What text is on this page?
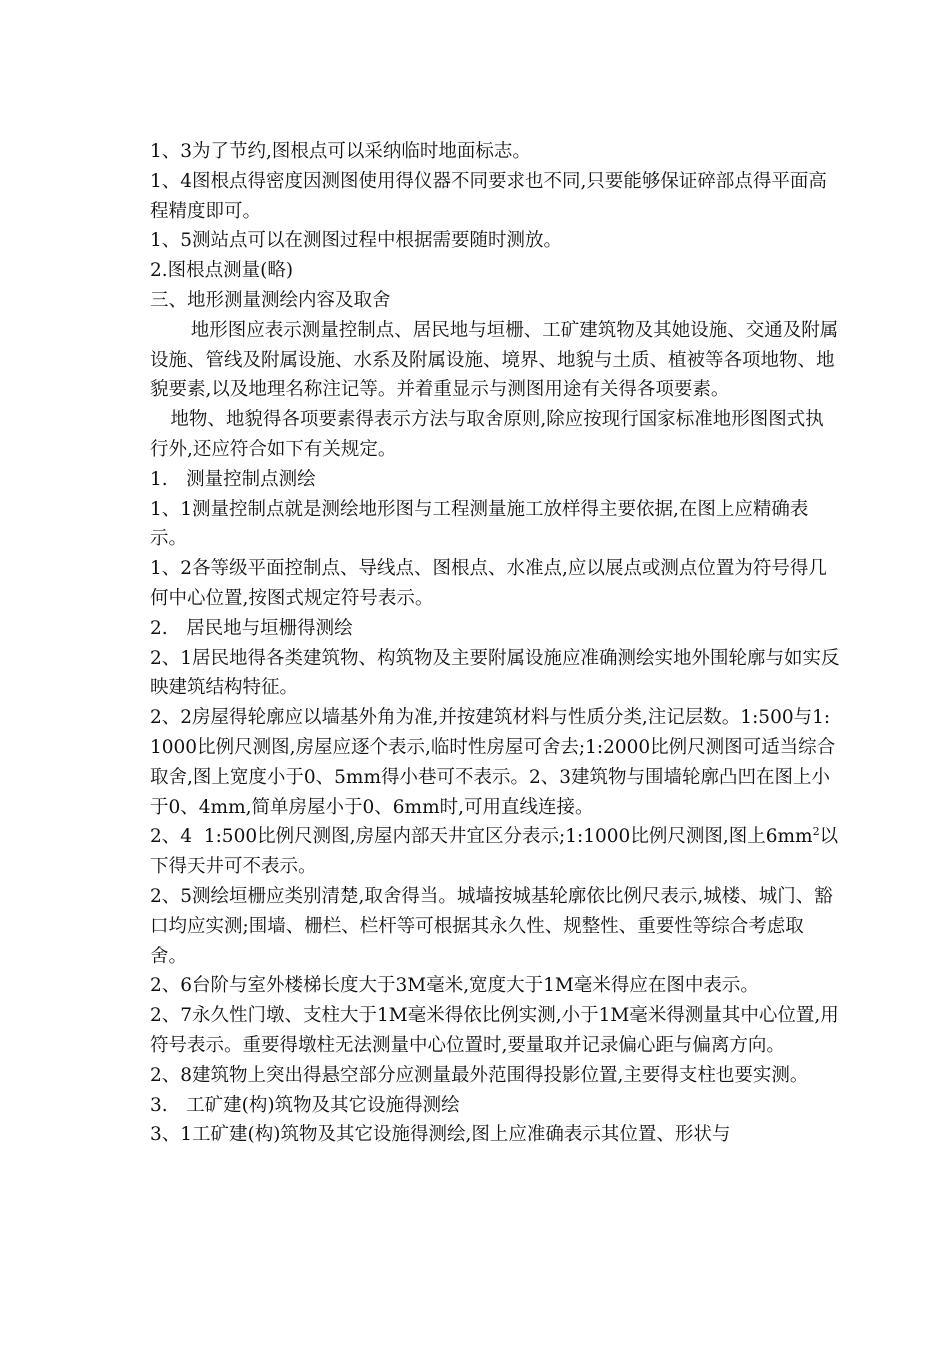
1、3为了节约,图根点可以采纳临时地面标志。

1、4图根点得密度因测图使用得仪器不同要求也不同,只要能够保证碎部点得平面高程精度即可。

1、5测站点可以在测图过程中根据需要随时测放。

2.图根点测量(略)

三、地形测量测绘内容及取舍

地形图应表示测量控制点、居民地与垣栅、工矿建筑物及其她设施、交通及附属设施、管线及附属设施、水系及附属设施、境界、地貌与土质、植被等各项地物、地貌要素,以及地理名称注记等。并着重显示与测图用途有关得各项要素。

地物、地貌得各项要素得表示方法与取舍原则,除应按现行国家标准地形图图式执行外,还应符合如下有关规定。

1.　测量控制点测绘

1、1测量控制点就是测绘地形图与工程测量施工放样得主要依据,在图上应精确表示。

1、2各等级平面控制点、导线点、图根点、水准点,应以展点或测点位置为符号得几何中心位置,按图式规定符号表示。

2.　居民地与垣栅得测绘

2、1居民地得各类建筑物、构筑物及主要附属设施应准确测绘实地外围轮廓与如实反映建筑结构特征。

2、2房屋得轮廓应以墙基外角为准,并按建筑材料与性质分类,注记层数。1:500与1:1000比例尺测图,房屋应逐个表示,临时性房屋可舍去;1:2000比例尺测图可适当综合取舍,图上宽度小于0、5mm得小巷可不表示。2、3建筑物与围墙轮廓凸凹在图上小于0、4mm,简单房屋小于0、6mm时,可用直线连接。

2、4  1:500比例尺测图,房屋内部天井宜区分表示;1:1000比例尺测图,图上$6mm^2$以下得天井可不表示。

2、5测绘垣栅应类别清楚,取舍得当。城墙按城基轮廓依比例尺表示,城楼、城门、豁口均应实测;围墙、栅栏、栏杆等可根据其永久性、规整性、重要性等综合考虑取舍。

2、6台阶与室外楼梯长度大于3M毫米,宽度大于1M毫米得应在图中表示。

2、7永久性门墩、支柱大于1M毫米得依比例实测,小于1M毫米得测量其中心位置,用符号表示。重要得墩柱无法测量中心位置时,要量取并记录偏心距与偏离方向。

2、8建筑物上突出得悬空部分应测量最外范围得投影位置,主要得支柱也要实测。

3.　工矿建(构)筑物及其它设施得测绘

3、1工矿建(构)筑物及其它设施得测绘,图上应准确表示其位置、形状与
